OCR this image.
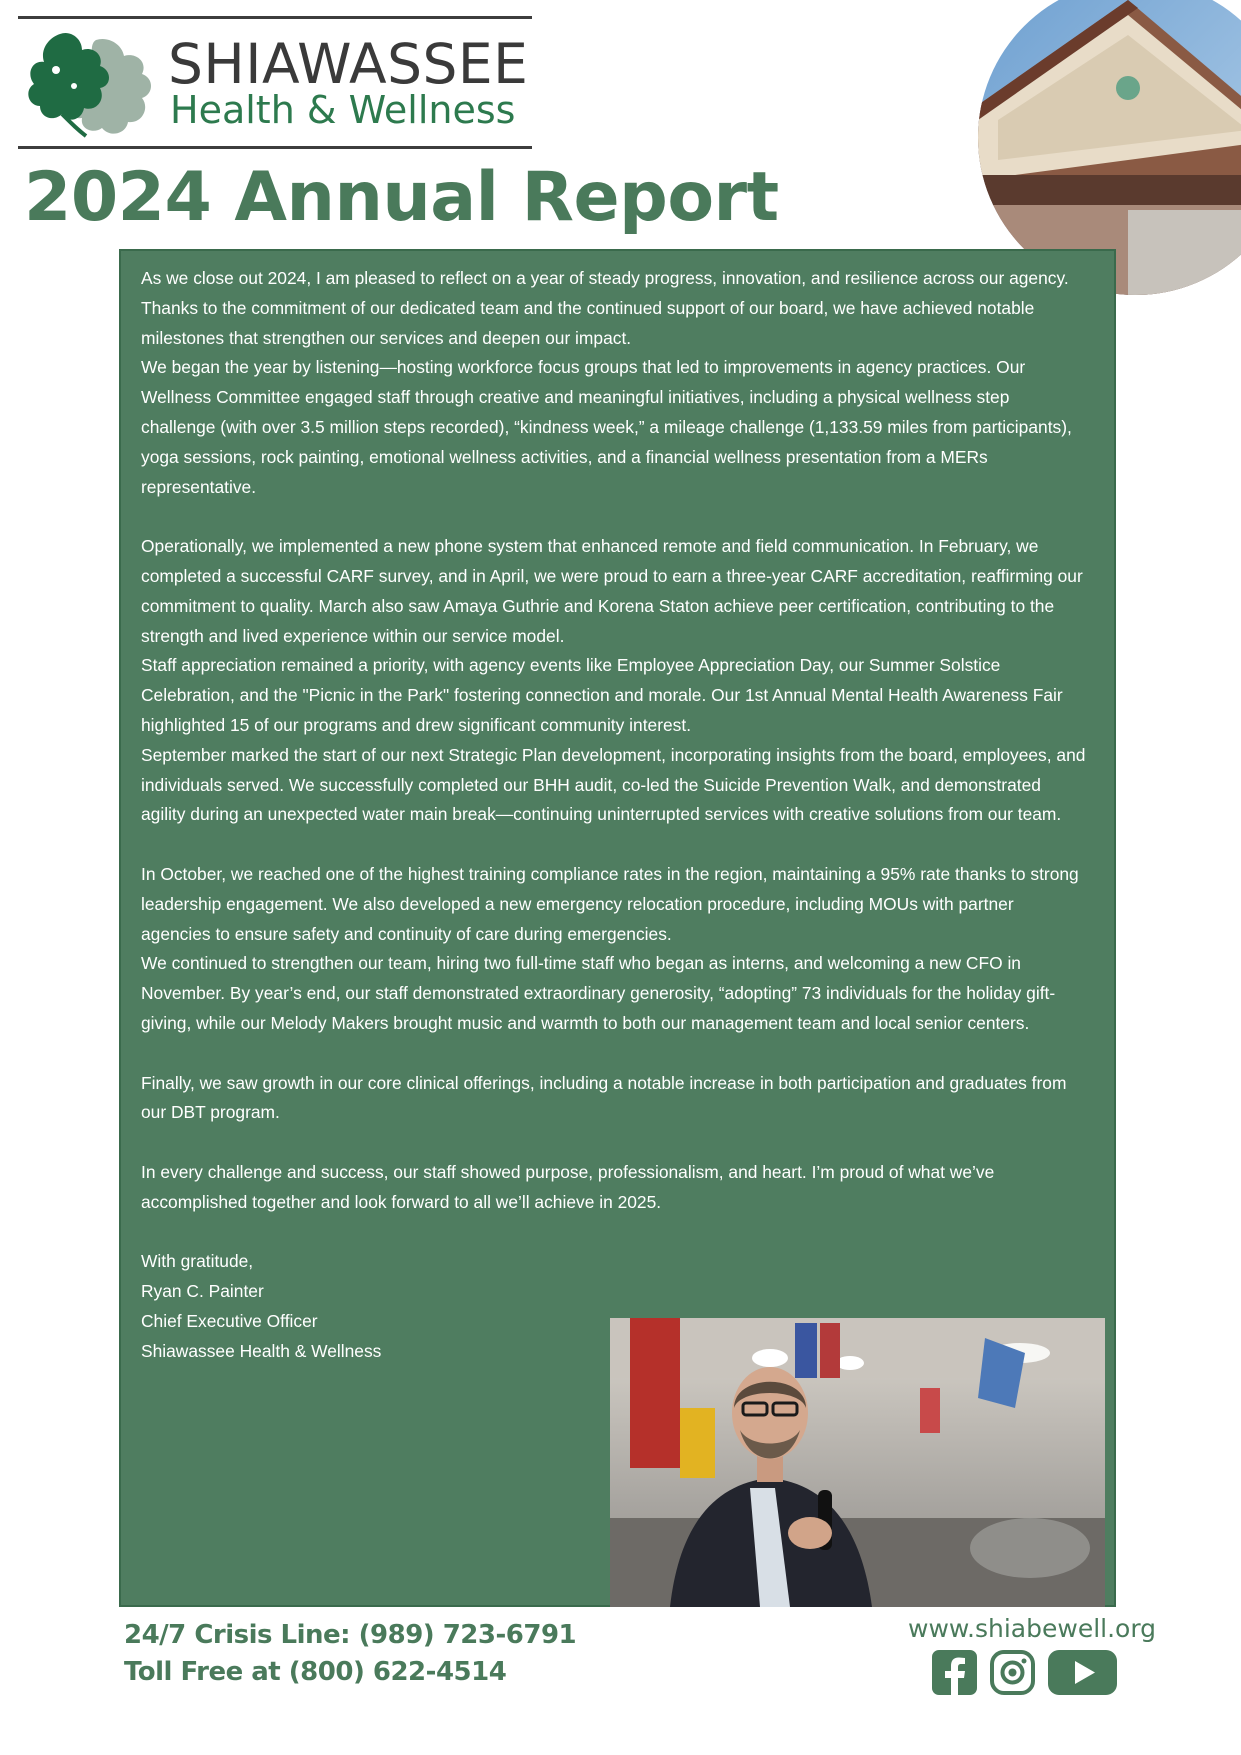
SHIAWASSEE
Health & Wellness
2024 Annual Report

As we close out 2024, I am pleased to reflect on a year of steady progress, innovation, and resilience across our agency. Thanks to the commitment of our dedicated team and the continued support of our board, we have achieved notable milestones that strengthen our services and deepen our impact.

We began the year by listening—hosting workforce focus groups that led to improvements in agency practices. Our Wellness Committee engaged staff through creative and meaningful initiatives, including a physical wellness step challenge (with over 3.5 million steps recorded), “kindness week,” a mileage challenge (1,133.59 miles from participants), yoga sessions, rock painting, emotional wellness activities, and a financial wellness presentation from a MERs representative.

Operationally, we implemented a new phone system that enhanced remote and field communication. In February, we completed a successful CARF survey, and in April, we were proud to earn a three-year CARF accreditation, reaffirming our commitment to quality. March also saw Amaya Guthrie and Korena Staton achieve peer certification, contributing to the strength and lived experience within our service model.

Staff appreciation remained a priority, with agency events like Employee Appreciation Day, our Summer Solstice Celebration, and the "Picnic in the Park" fostering connection and morale. Our 1st Annual Mental Health Awareness Fair highlighted 15 of our programs and drew significant community interest.

September marked the start of our next Strategic Plan development, incorporating insights from the board, employees, and individuals served. We successfully completed our BHH audit, co-led the Suicide Prevention Walk, and demonstrated agility during an unexpected water main break—continuing uninterrupted services with creative solutions from our team.

In October, we reached one of the highest training compliance rates in the region, maintaining a 95% rate thanks to strong leadership engagement. We also developed a new emergency relocation procedure, including MOUs with partner agencies to ensure safety and continuity of care during emergencies.

We continued to strengthen our team, hiring two full-time staff who began as interns, and welcoming a new CFO in November. By year’s end, our staff demonstrated extraordinary generosity, “adopting” 73 individuals for the holiday gift-giving, while our Melody Makers brought music and warmth to both our management team and local senior centers.

Finally, we saw growth in our core clinical offerings, including a notable increase in both participation and graduates from our DBT program.

In every challenge and success, our staff showed purpose, professionalism, and heart. I’m proud of what we’ve accomplished together and look forward to all we’ll achieve in 2025.

With gratitude,

Ryan C. Painter

Chief Executive Officer

Shiawassee Health & Wellness

24/7 Crisis Line: (989) 723-6791
Toll Free at (800) 622-4514
www.shiabewell.org
